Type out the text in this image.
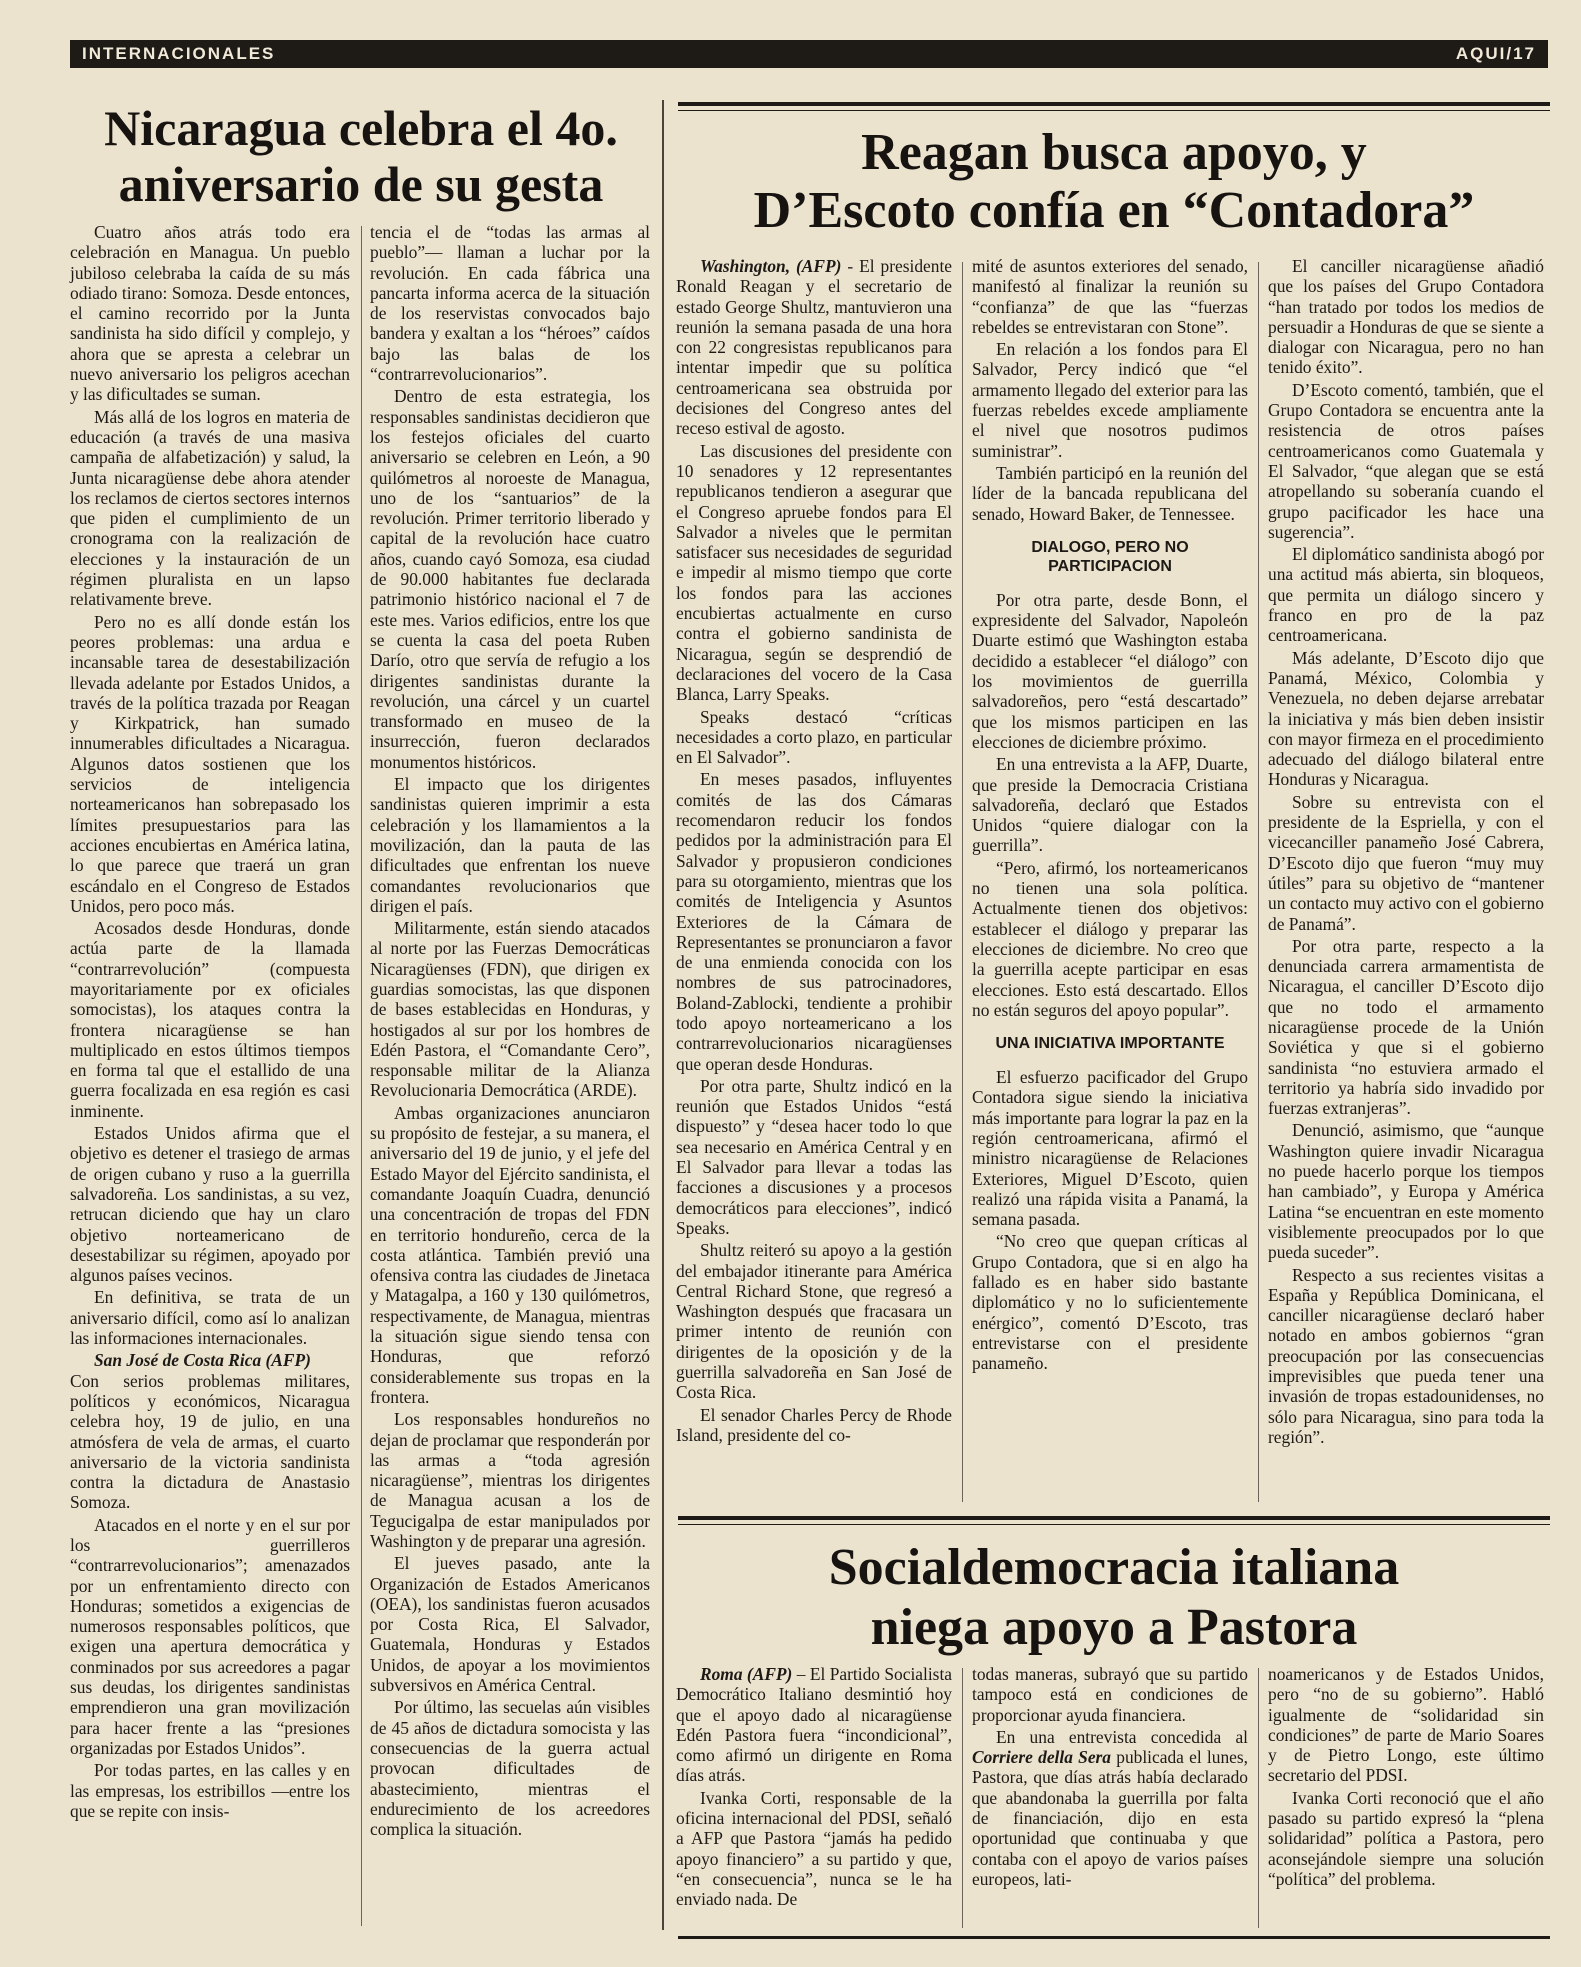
INTERNACIONALES	AQUI/17
Nicaragua celebra el 4o.
aniversario de su gesta

Cuatro años atrás todo era celebración en Managua. Un pueblo jubiloso celebraba la caída de su más odiado tirano: Somoza. Desde entonces, el camino recorrido por la Junta sandinista ha sido difícil y complejo, y ahora que se apresta a celebrar un nuevo aniversario los peligros acechan y las dificultades se suman.

Más allá de los logros en materia de educación (a través de una masiva campaña de alfabetización) y salud, la Junta nicaragüense debe ahora atender los reclamos de ciertos sectores internos que piden el cumplimiento de un cronograma con la realización de elecciones y la instauración de un régimen pluralista en un lapso relativamente breve.

Pero no es allí donde están los peores problemas: una ardua e incansable tarea de desestabilización llevada adelante por Estados Unidos, a través de la política trazada por Reagan y Kirkpatrick, han sumado innumerables dificultades a Nicaragua. Algunos datos sostienen que los servicios de inteligencia norteamericanos han sobrepasado los límites presupuestarios para las acciones encubiertas en América latina, lo que parece que traerá un gran escándalo en el Congreso de Estados Unidos, pero poco más.

Acosados desde Honduras, donde actúa parte de la llamada “contrarrevolución” (compuesta mayoritariamente por ex oficiales somocistas), los ataques contra la frontera nicaragüense se han multiplicado en estos últimos tiempos en forma tal que el estallido de una guerra focalizada en esa región es casi inminente.

Estados Unidos afirma que el objetivo es detener el trasiego de armas de origen cubano y ruso a la guerrilla salvadoreña. Los sandinistas, a su vez, retrucan diciendo que hay un claro objetivo norteamericano de desestabilizar su régimen, apoyado por algunos países vecinos.

En definitiva, se trata de un aniversario difícil, como así lo analizan las informaciones internacionales.

San José de Costa Rica (AFP)
Con serios problemas militares, políticos y económicos, Nicaragua celebra hoy, 19 de julio, en una atmósfera de vela de armas, el cuarto aniversario de la victoria sandinista contra la dictadura de Anastasio Somoza.

Atacados en el norte y en el sur por los guerrilleros “contrarrevolucionarios”; amenazados por un enfrentamiento directo con Honduras; sometidos a exigencias de numerosos responsables políticos, que exigen una apertura democrática y conminados por sus acreedores a pagar sus deudas, los dirigentes sandinistas emprendieron una gran movilización para hacer frente a las “presiones organizadas por Estados Unidos”.

Por todas partes, en las calles y en las empresas, los estribillos —entre los que se repite con insis-

tencia el de “todas las armas al pueblo”— llaman a luchar por la revolución. En cada fábrica una pancarta informa acerca de la situación de los reservistas convocados bajo bandera y exaltan a los “héroes” caídos bajo las balas de los “contrarrevolucionarios”.

Dentro de esta estrategia, los responsables sandinistas decidieron que los festejos oficiales del cuarto aniversario se celebren en León, a 90 quilómetros al noroeste de Managua, uno de los “santuarios” de la revolución. Primer territorio liberado y capital de la revolución hace cuatro años, cuando cayó Somoza, esa ciudad de 90.000 habitantes fue declarada patrimonio histórico nacional el 7 de este mes. Varios edificios, entre los que se cuenta la casa del poeta Ruben Darío, otro que servía de refugio a los dirigentes sandinistas durante la revolución, una cárcel y un cuartel transformado en museo de la insurrección, fueron declarados monumentos históricos.

El impacto que los dirigentes sandinistas quieren imprimir a esta celebración y los llamamientos a la movilización, dan la pauta de las dificultades que enfrentan los nueve comandantes revolucionarios que dirigen el país.

Militarmente, están siendo atacados al norte por las Fuerzas Democráticas Nicaragüenses (FDN), que dirigen ex guardias somocistas, las que disponen de bases establecidas en Honduras, y hostigados al sur por los hombres de Edén Pastora, el “Comandante Cero”, responsable militar de la Alianza Revolucionaria Democrática (ARDE).

Ambas organizaciones anunciaron su propósito de festejar, a su manera, el aniversario del 19 de junio, y el jefe del Estado Mayor del Ejército sandinista, el comandante Joaquín Cuadra, denunció una concentración de tropas del FDN en territorio hondureño, cerca de la costa atlántica. También previó una ofensiva contra las ciudades de Jinetaca y Matagalpa, a 160 y 130 quilómetros, respectivamente, de Managua, mientras la situación sigue siendo tensa con Honduras, que reforzó considerablemente sus tropas en la frontera.

Los responsables hondureños no dejan de proclamar que responderán por las armas a “toda agresión nicaragüense”, mientras los dirigentes de Managua acusan a los de Tegucigalpa de estar manipulados por Washington y de preparar una agresión.

El jueves pasado, ante la Organización de Estados Americanos (OEA), los sandinistas fueron acusados por Costa Rica, El Salvador, Guatemala, Honduras y Estados Unidos, de apoyar a los movimientos subversivos en América Central.

Por último, las secuelas aún visibles de 45 años de dictadura somocista y las consecuencias de la guerra actual provocan dificultades de abastecimiento, mientras el endurecimiento de los acreedores complica la situación.

Reagan busca apoyo, y
D’Escoto confía en “Contadora”

Washington, (AFP) - El presidente Ronald Reagan y el secretario de estado George Shultz, mantuvieron una reunión la semana pasada de una hora con 22 congresistas republicanos para intentar impedir que su política centroamericana sea obstruida por decisiones del Congreso antes del receso estival de agosto.

Las discusiones del presidente con 10 senadores y 12 representantes republicanos tendieron a asegurar que el Congreso apruebe fondos para El Salvador a niveles que le permitan satisfacer sus necesidades de seguridad e impedir al mismo tiempo que corte los fondos para las acciones encubiertas actualmente en curso contra el gobierno sandinista de Nicaragua, según se desprendió de declaraciones del vocero de la Casa Blanca, Larry Speaks.

Speaks destacó “críticas necesidades a corto plazo, en particular en El Salvador”.

En meses pasados, influyentes comités de las dos Cámaras recomendaron reducir los fondos pedidos por la administración para El Salvador y propusieron condiciones para su otorgamiento, mientras que los comités de Inteligencia y Asuntos Exteriores de la Cámara de Representantes se pronunciaron a favor de una enmienda conocida con los nombres de sus patrocinadores, Boland-Zablocki, tendiente a prohibir todo apoyo norteamericano a los contrarrevolucionarios nicaragüenses que operan desde Honduras.

Por otra parte, Shultz indicó en la reunión que Estados Unidos “está dispuesto” y “desea hacer todo lo que sea necesario en América Central y en El Salvador para llevar a todas las facciones a discusiones y a procesos democráticos para elecciones”, indicó Speaks.

Shultz reiteró su apoyo a la gestión del embajador itinerante para América Central Richard Stone, que regresó a Washington después que fracasara un primer intento de reunión con dirigentes de la oposición y de la guerrilla salvadoreña en San José de Costa Rica.

El senador Charles Percy de Rhode Island, presidente del co-

mité de asuntos exteriores del senado, manifestó al finalizar la reunión su “confianza” de que las “fuerzas rebeldes se entrevistaran con Stone”.

En relación a los fondos para El Salvador, Percy indicó que “el armamento llegado del exterior para las fuerzas rebeldes excede ampliamente el nivel que nosotros pudimos suministrar”.

También participó en la reunión del líder de la bancada republicana del senado, Howard Baker, de Tennessee.

DIALOGO, PERO NO PARTICIPACION

Por otra parte, desde Bonn, el expresidente del Salvador, Napoleón Duarte estimó que Washington estaba decidido a establecer “el diálogo” con los movimientos de guerrilla salvadoreños, pero “está descartado” que los mismos participen en las elecciones de diciembre próximo.

En una entrevista a la AFP, Duarte, que preside la Democracia Cristiana salvadoreña, declaró que Estados Unidos “quiere dialogar con la guerrilla”.

“Pero, afirmó, los norteamericanos no tienen una sola política. Actualmente tienen dos objetivos: establecer el diálogo y preparar las elecciones de diciembre. No creo que la guerrilla acepte participar en esas elecciones. Esto está descartado. Ellos no están seguros del apoyo popular”.

UNA INICIATIVA IMPORTANTE

El esfuerzo pacificador del Grupo Contadora sigue siendo la iniciativa más importante para lograr la paz en la región centroamericana, afirmó el ministro nicaragüense de Relaciones Exteriores, Miguel D’Escoto, quien realizó una rápida visita a Panamá, la semana pasada.

“No creo que quepan críticas al Grupo Contadora, que si en algo ha fallado es en haber sido bastante diplomático y no lo suficientemente enérgico”, comentó D’Escoto, tras entrevistarse con el presidente panameño.

El canciller nicaragüense añadió que los países del Grupo Contadora “han tratado por todos los medios de persuadir a Honduras de que se siente a dialogar con Nicaragua, pero no han tenido éxito”.

D’Escoto comentó, también, que el Grupo Contadora se encuentra ante la resistencia de otros países centroamericanos como Guatemala y El Salvador, “que alegan que se está atropellando su soberanía cuando el grupo pacificador les hace una sugerencia”.

El diplomático sandinista abogó por una actitud más abierta, sin bloqueos, que permita un diálogo sincero y franco en pro de la paz centroamericana.

Más adelante, D’Escoto dijo que Panamá, México, Colombia y Venezuela, no deben dejarse arrebatar la iniciativa y más bien deben insistir con mayor firmeza en el procedimiento adecuado del diálogo bilateral entre Honduras y Nicaragua.

Sobre su entrevista con el presidente de la Espriella, y con el vicecanciller panameño José Cabrera, D’Escoto dijo que fueron “muy muy útiles” para su objetivo de “mantener un contacto muy activo con el gobierno de Panamá”.

Por otra parte, respecto a la denunciada carrera armamentista de Nicaragua, el canciller D’Escoto dijo que no todo el armamento nicaragüense procede de la Unión Soviética y que si el gobierno sandinista “no estuviera armado el territorio ya habría sido invadido por fuerzas extranjeras”.

Denunció, asimismo, que “aunque Washington quiere invadir Nicaragua no puede hacerlo porque los tiempos han cambiado”, y Europa y América Latina “se encuentran en este momento visiblemente preocupados por lo que pueda suceder”.

Respecto a sus recientes visitas a España y República Dominicana, el canciller nicaragüense declaró haber notado en ambos gobiernos “gran preocupación por las consecuencias imprevisibles que pueda tener una invasión de tropas estadounidenses, no sólo para Nicaragua, sino para toda la región”.

Socialdemocracia italiana
niega apoyo a Pastora

Roma (AFP) – El Partido Socialista Democrático Italiano desmintió hoy que el apoyo dado al nicaragüense Edén Pastora fuera “incondicional”, como afirmó un dirigente en Roma días atrás.

Ivanka Corti, responsable de la oficina internacional del PDSI, señaló a AFP que Pastora “jamás ha pedido apoyo financiero” a su partido y que, “en consecuencia”, nunca se le ha enviado nada. De

todas maneras, subrayó que su partido tampoco está en condiciones de proporcionar ayuda financiera.

En una entrevista concedida al Corriere della Sera publicada el lunes, Pastora, que días atrás había declarado que abandonaba la guerrilla por falta de financiación, dijo en esta oportunidad que continuaba y que contaba con el apoyo de varios países europeos, lati-

noamericanos y de Estados Unidos, pero “no de su gobierno”. Habló igualmente de “solidaridad sin condiciones” de parte de Mario Soares y de Pietro Longo, este último secretario del PDSI.

Ivanka Corti reconoció que el año pasado su partido expresó la “plena solidaridad” política a Pastora, pero aconsejándole siempre una solución “política” del problema.
